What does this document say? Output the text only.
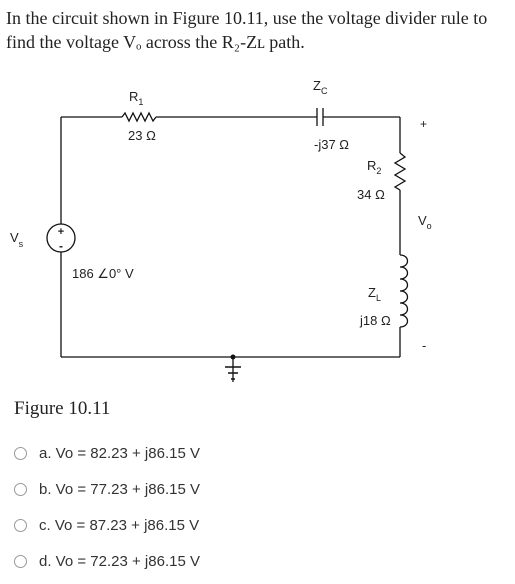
In the circuit shown in Figure 10.11, use the voltage divider rule to
find the voltage Vₒ across the R₂-Zʟ path.
+
-
$R_1$
23 Ω
$Z_C$
-j37 Ω
$R_2$
34 Ω
$Z_L$
j18 Ω
$V_s$
186 ∠0° V
+
$V_o$
-
Figure 10.11
a. Vo = 82.23 + j86.15 V
b. Vo = 77.23 + j86.15 V
c. Vo = 87.23 + j86.15 V
d. Vo = 72.23 + j86.15 V
